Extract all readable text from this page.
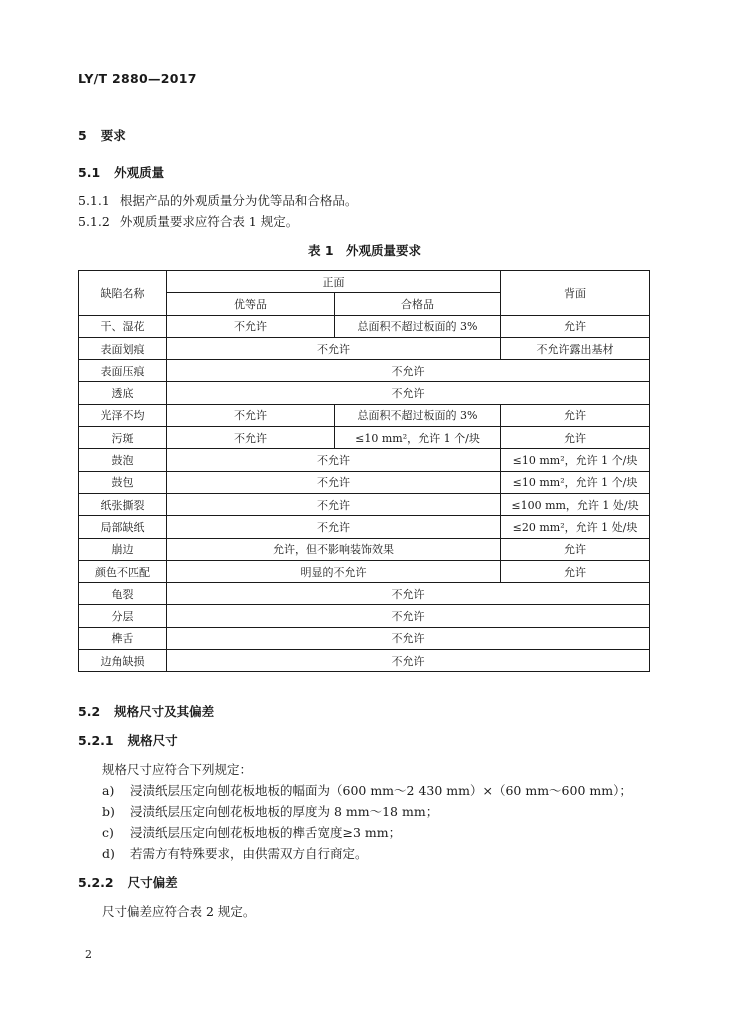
LY/T 2880—2017
5 要求
5.1 外观质量
5.1.1 根据产品的外观质量分为优等品和合格品。
5.1.2 外观质量要求应符合表 1 规定。
表 1　外观质量要求
缺陷名称	正面		背面
	优等品	合格品	
干、湿花	不允许	总面积不超过板面的 3%	允许
表面划痕	不允许		不允许露出基材
表面压痕	不允许		
透底	不允许		
光泽不均	不允许	总面积不超过板面的 3%	允许
污斑	不允许	≤10 mm²，允许 1 个/块	允许
鼓泡	不允许		≤10 mm²，允许 1 个/块
鼓包	不允许		≤10 mm²，允许 1 个/块
纸张撕裂	不允许		≤100 mm，允许 1 处/块
局部缺纸	不允许		≤20 mm²，允许 1 处/块
崩边	允许，但不影响装饰效果		允许
颜色不匹配	明显的不允许		允许
龟裂	不允许		
分层	不允许		
榫舌	不允许		
边角缺损	不允许		
5.2 规格尺寸及其偏差
5.2.1 规格尺寸
规格尺寸应符合下列规定：
a) 浸渍纸层压定向刨花板地板的幅面为（600 mm～2 430 mm）×（60 mm～600 mm）；
b) 浸渍纸层压定向刨花板地板的厚度为 8 mm～18 mm；
c) 浸渍纸层压定向刨花板地板的榫舌宽度≥3 mm；
d) 若需方有特殊要求，由供需双方自行商定。
5.2.2 尺寸偏差
尺寸偏差应符合表 2 规定。
2
